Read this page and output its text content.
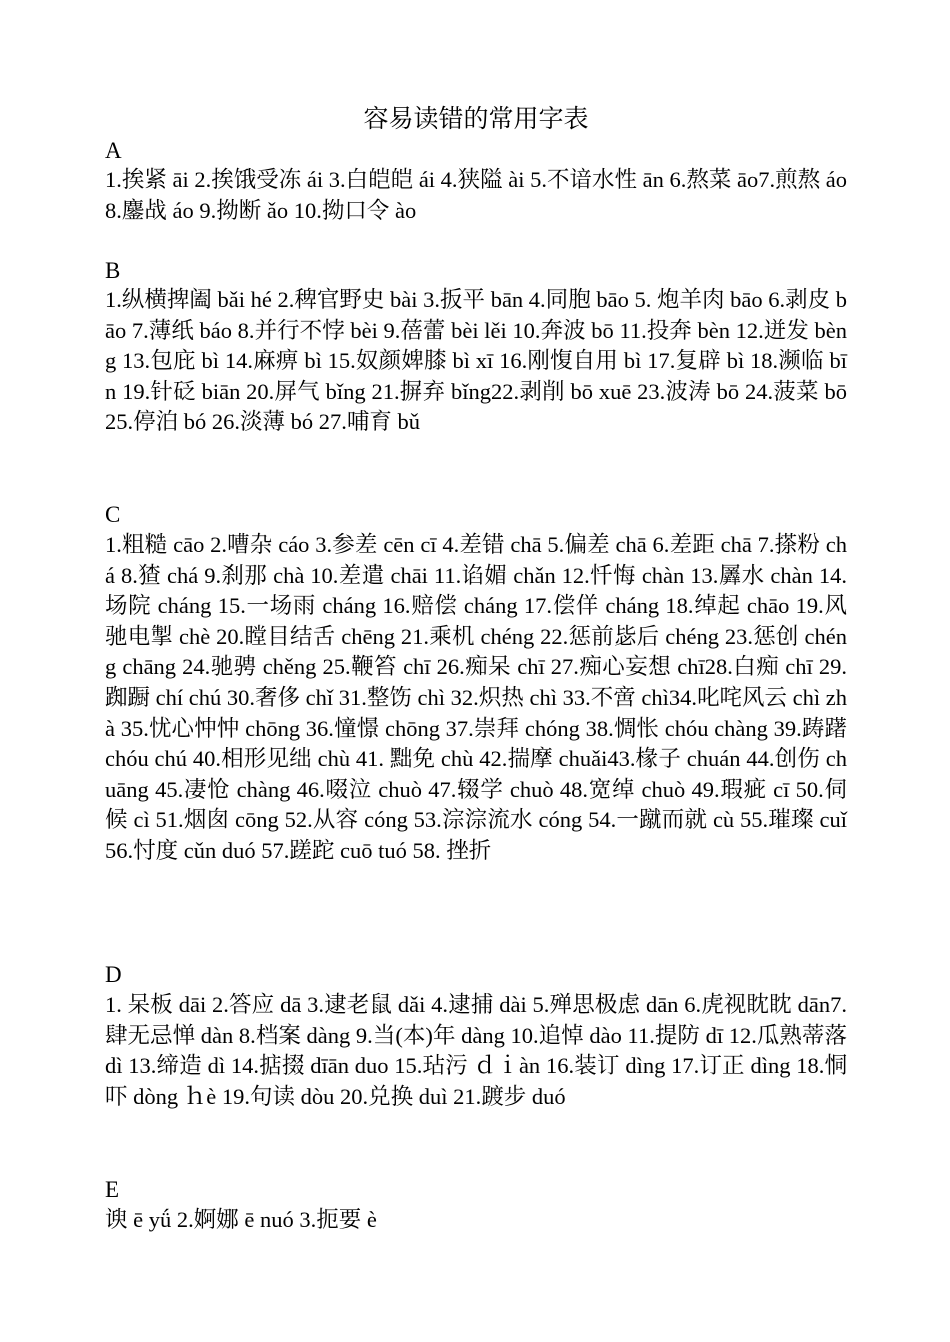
容易读错的常用字表
A
1.挨紧 āi 2.挨饿受冻 ái 3.白皑皑 ái 4.狭隘 ài 5.不谙水性 ān 6.熬菜 āo7.煎熬 áo 8.鏖战 áo 9.拗断 ǎo 10.拗口令 ào
B
1.纵横捭阖 bǎi hé 2.稗官野史 bài 3.扳平 bān 4.同胞 bāo 5. 炮羊肉 bāo 6.剥皮 bāo 7.薄纸 báo 8.并行不悖 bèi 9.蓓蕾 bèi lěi 10.奔波 bō 11.投奔 bèn 12.迸发 bèng 13.包庇 bì 14.麻痹 bì 15.奴颜婢膝 bì xī 16.刚愎自用 bì 17.复辟 bì 18.濒临 bīn 19.针砭 biān 20.屏气 bǐng 21.摒弃 bǐng22.剥削 bō xuē 23.波涛 bō 24.菠菜 bō 25.停泊 bó 26.淡薄 bó 27.哺育 bǔ
C
1.粗糙 cāo 2.嘈杂 cáo 3.参差 cēn cī 4.差错 chā 5.偏差 chā 6.差距 chā 7.搽粉 chá 8.猹 chá 9.刹那 chà 10.差遣 chāi 11.谄媚 chǎn 12.忏悔 chàn 13.羼水 chàn 14.场院 cháng 15.一场雨 cháng 16.赔偿 cháng 17.偿佯 cháng 18.绰起 chāo 19.风驰电掣 chè 20.瞠目结舌 chēng 21.乘机 chéng 22.惩前毖后 chéng 23.惩创 chéng chāng 24.驰骋 chěng 25.鞭笞 chī 26.痴呆 chī 27.痴心妄想 chī28.白痴 chī 29.踟蹰 chí chú 30.奢侈 chǐ 31.整饬 chì 32.炽热 chì 33.不啻 chì34.叱咤风云 chì zhà 35.忧心忡忡 chōng 36.憧憬 chōng 37.崇拜 chóng 38.惆怅 chóu chàng 39.踌躇 chóu chú 40.相形见绌 chù 41. 黜免 chù 42.揣摩 chuǎi43.椽子 chuán 44.创伤 chuāng 45.凄怆 chàng 46.啜泣 chuò 47.辍学 chuò 48.宽绰 chuò 49.瑕疵 cī 50.伺候 cì 51.烟囱 cōng 52.从容 cóng 53.淙淙流水 cóng 54.一蹴而就 cù 55.璀璨 cuǐ 56.忖度 cǔn duó 57.蹉跎 cuō tuó 58. 挫折
D
1. 呆板 dāi 2.答应 dā 3.逮老鼠 dǎi 4.逮捕 dài 5.殚思极虑 dān 6.虎视眈眈 dān7.肆无忌惮 dàn 8.档案 dàng 9.当(本)年 dàng 10.追悼 dào 11.提防 dī 12.瓜熟蒂落 dì 13.缔造 dì 14.掂掇 dīān duo 15.玷污 ｄｉàn 16.装订 dìng 17.订正 dìng 18.恫吓 dòng ｈè 19.句读 dòu 20.兑换 duì 21.踱步 duó
E
谀 ē yǘ 2.婀娜 ē nuó 3.扼要 è
